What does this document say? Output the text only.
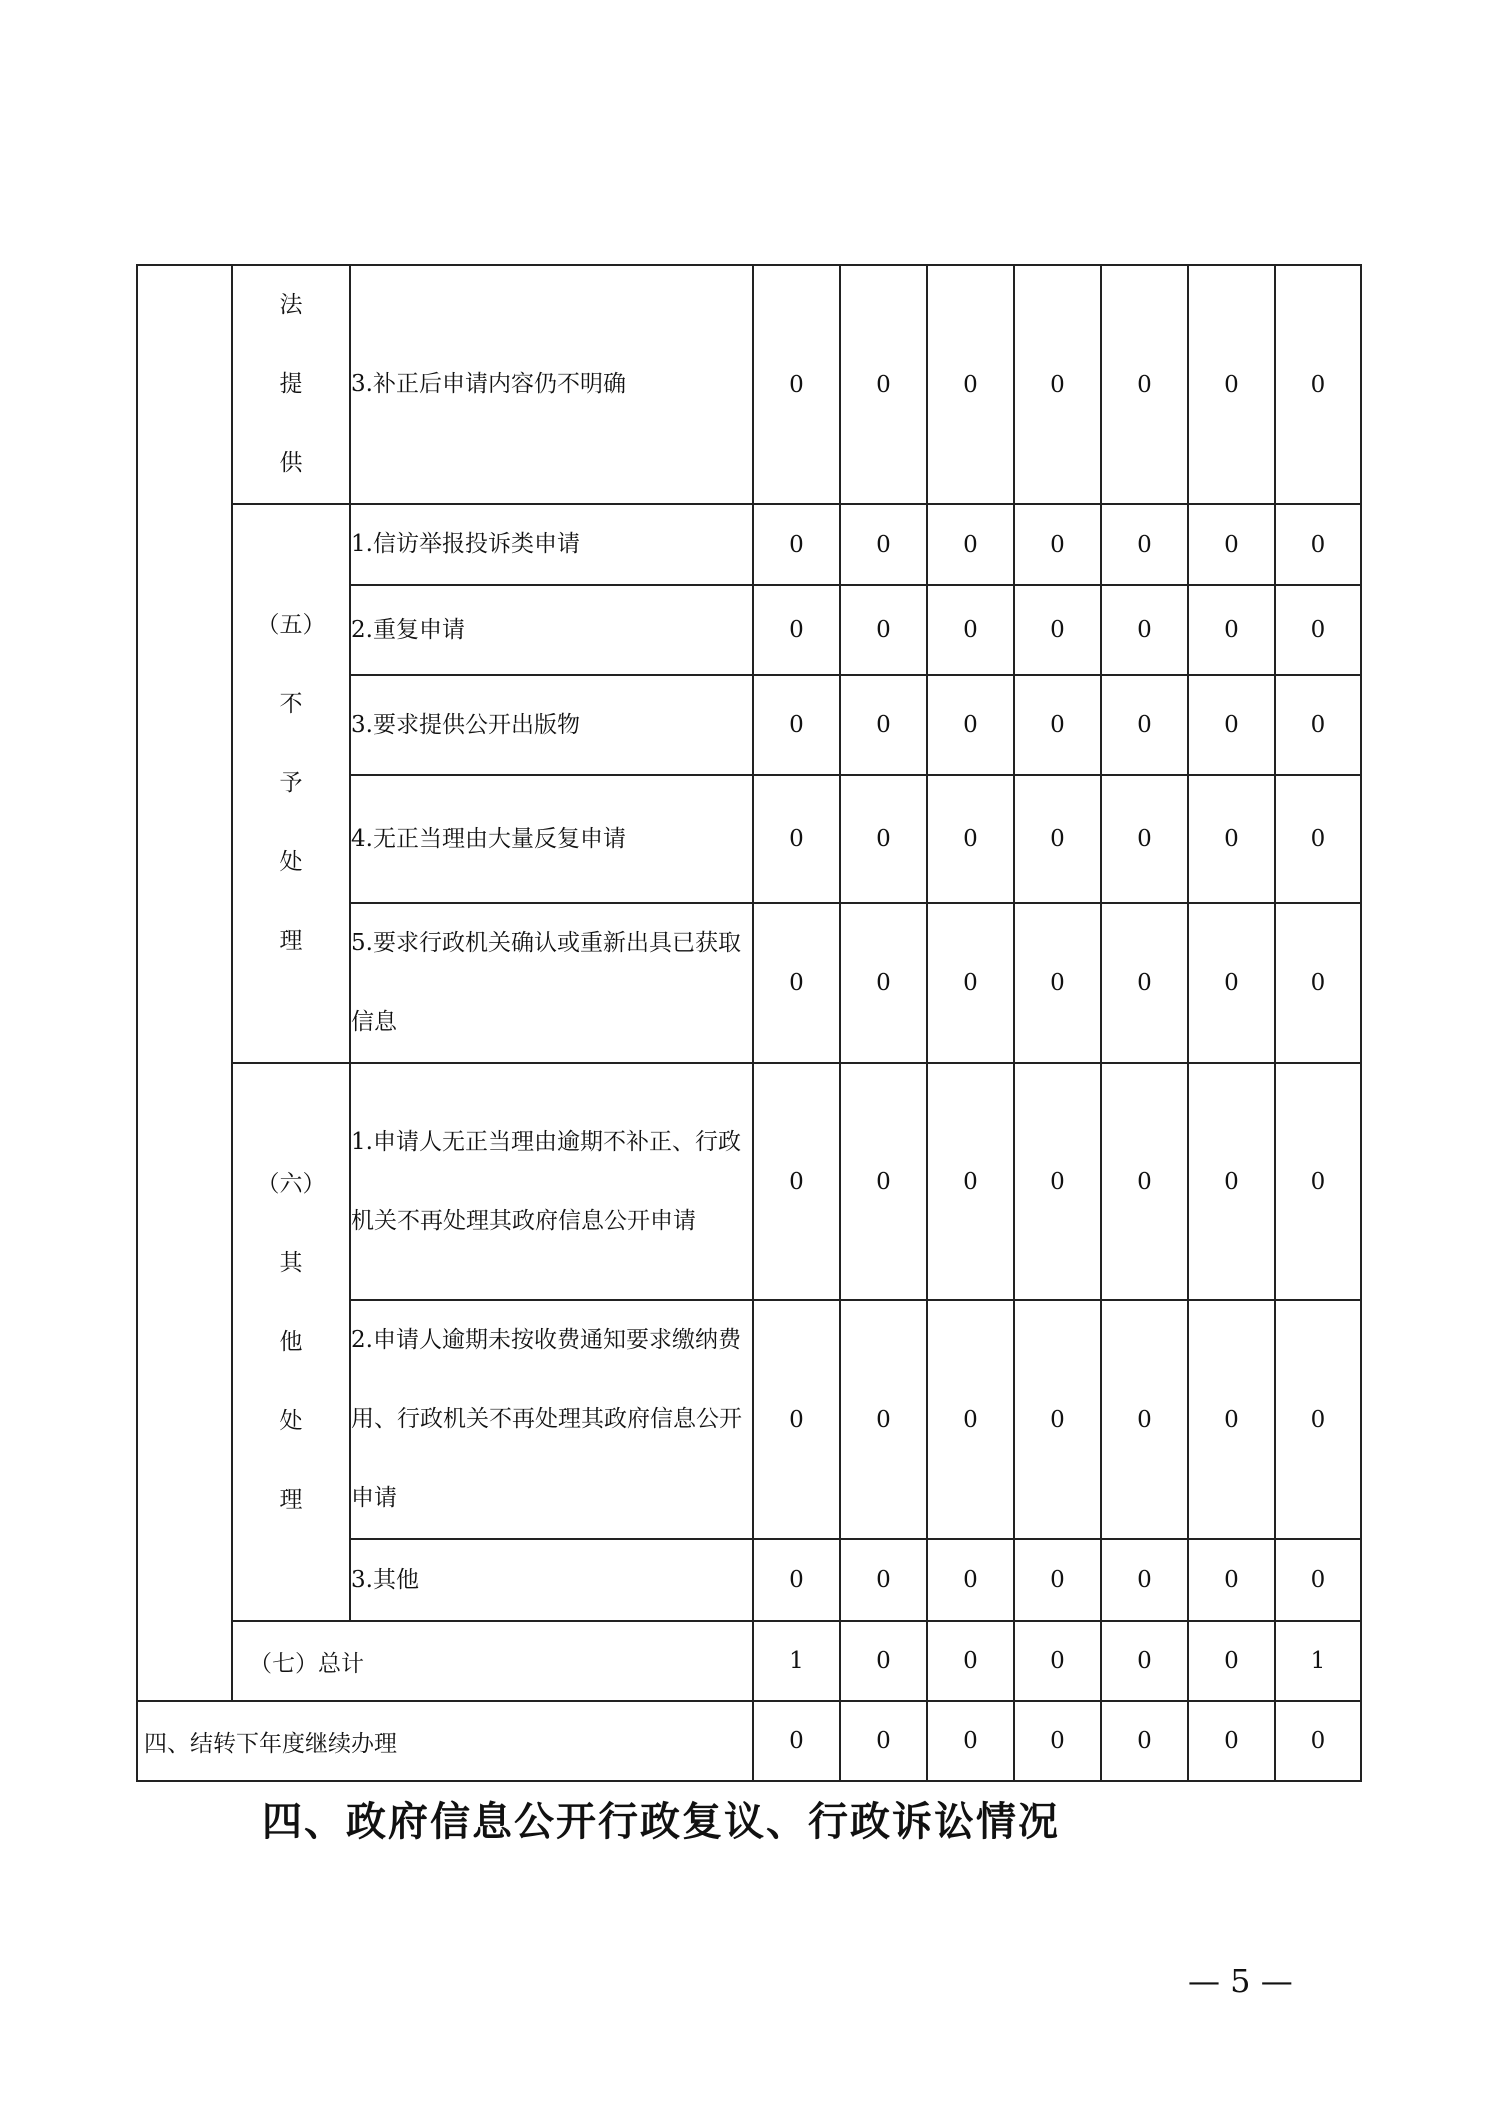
	法
提
供	3.补正后申请内容仍不明确	0	0	0	0	0	0	0
	（五）
不
予
处
理	1.信访举报投诉类申请	0	0	0	0	0	0	0
		2.重复申请	0	0	0	0	0	0	0
		3.要求提供公开出版物	0	0	0	0	0	0	0
		4.无正当理由大量反复申请	0	0	0	0	0	0	0
		5.要求行政机关确认或重新出具已获取信息	0	0	0	0	0	0	0
	（六）
其
他
处
理	1.申请人无正当理由逾期不补正、行政机关不再处理其政府信息公开申请	0	0	0	0	0	0	0
		2.申请人逾期未按收费通知要求缴纳费用、行政机关不再处理其政府信息公开申请	0	0	0	0	0	0	0
		3.其他	0	0	0	0	0	0	0
	（七）总计		1	0	0	0	0	0	1
四、结转下年度继续办理			0	0	0	0	0	0	0
四、政府信息公开行政复议、行政诉讼情况
— 5 —
